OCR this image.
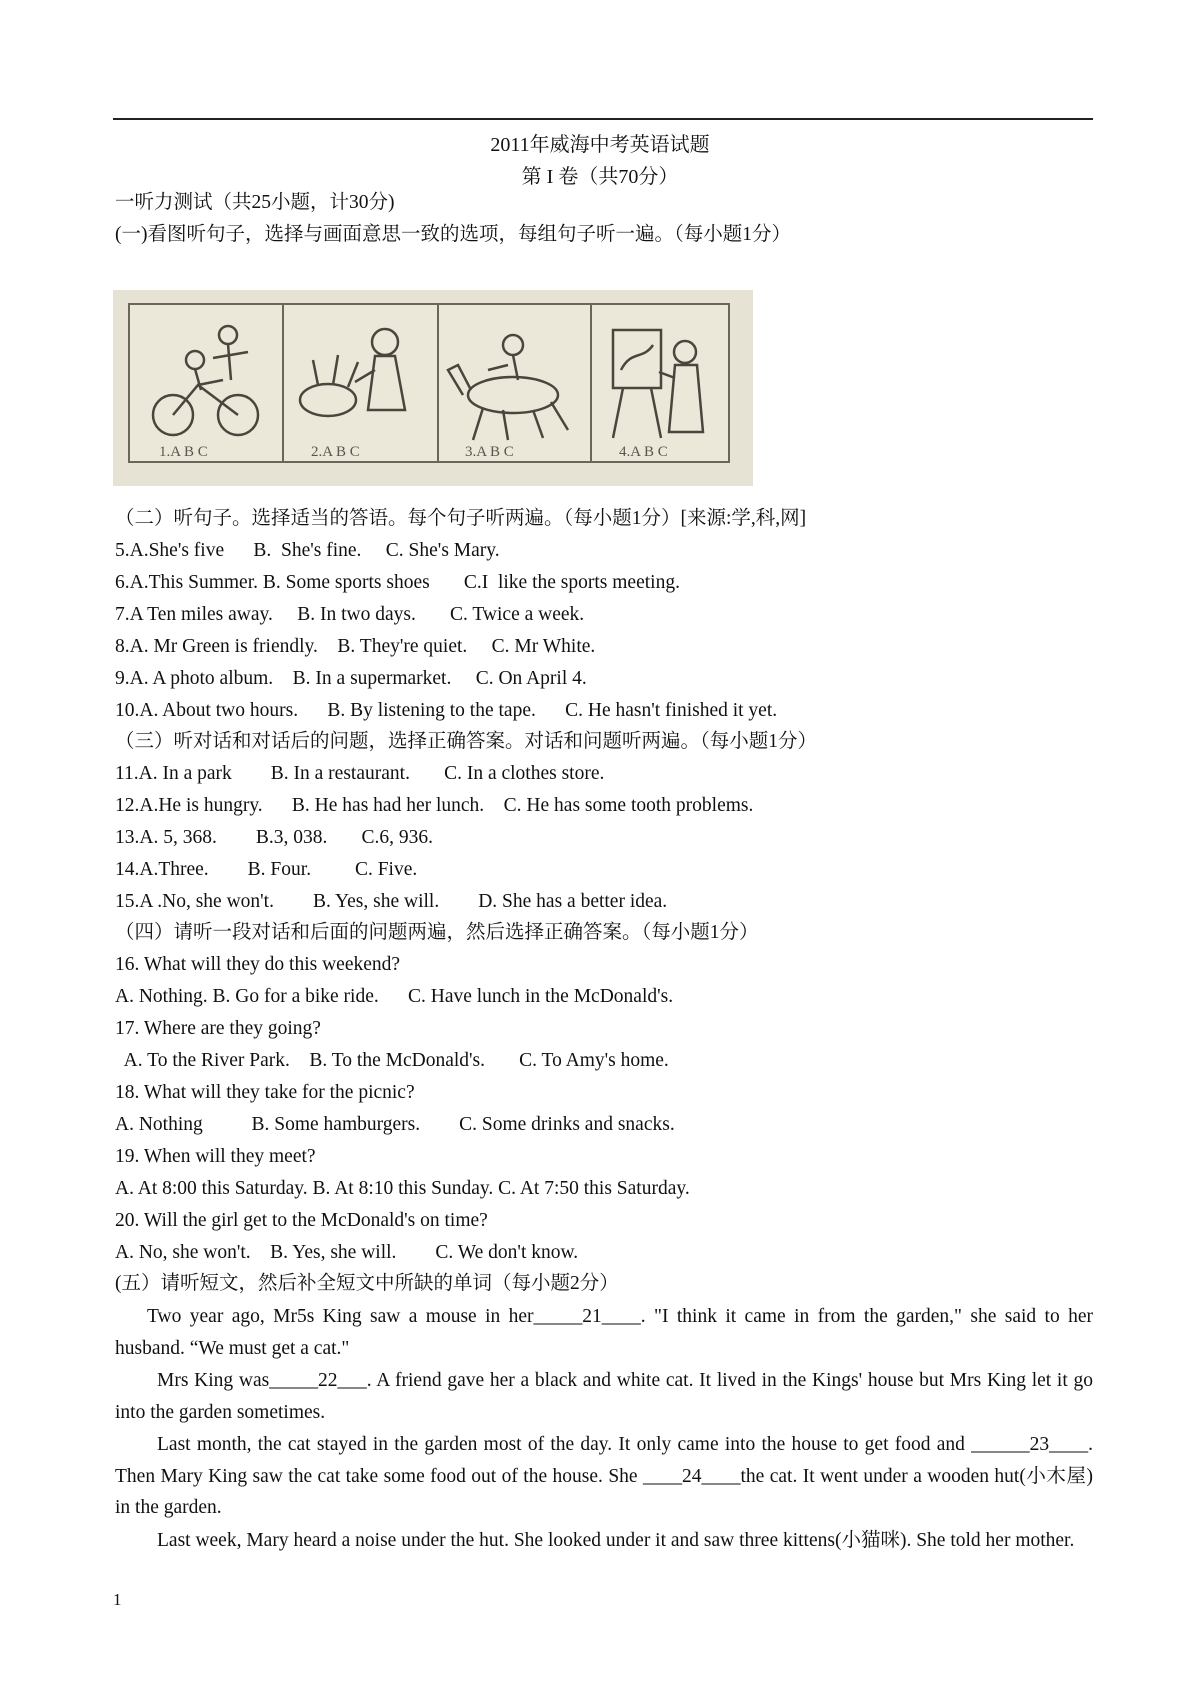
2011年威海中考英语试题
第 I 卷（共70分）
一听力测试（共25小题，计30分)
(一)看图听句子，选择与画面意思一致的选项，每组句子听一遍。（每小题1分）
1.A B C	2.A B C	3.A B C	4.A B C
（二）听句子。选择适当的答语。每个句子听两遍。（每小题1分）[来源:学,科,网]
5.A.She's five      B.  She's fine.     C. She's Mary.
6.A.This Summer. B. Some sports shoes       C.I  like the sports meeting.
7.A Ten miles away.     B. In two days.       C. Twice a week.
8.A. Mr Green is friendly.    B. They're quiet.     C. Mr White.
9.A. A photo album.    B. In a supermarket.     C. On April 4.
10.A. About two hours.      B. By listening to the tape.      C. He hasn't finished it yet.
（三）听对话和对话后的问题，选择正确答案。对话和问题听两遍。（每小题1分）
11.A. In a park        B. In a restaurant.       C. In a clothes store.
12.A.He is hungry.      B. He has had her lunch.    C. He has some tooth problems.
13.A. 5, 368.        B.3, 038.       C.6, 936.
14.A.Three.        B. Four.         C. Five.
15.A .No, she won't.        B. Yes, she will.        D. She has a better idea.
（四）请听一段对话和后面的问题两遍，然后选择正确答案。（每小题1分）
16. What will they do this weekend?
A. Nothing. B. Go for a bike ride.      C. Have lunch in the McDonald's.
17. Where are they going?
A. To the River Park.    B. To the McDonald's.       C. To Amy's home.
18. What will they take for the picnic?
A. Nothing          B. Some hamburgers.        C. Some drinks and snacks.
19. When will they meet?
A. At 8:00 this Saturday. B. At 8:10 this Sunday. C. At 7:50 this Saturday.
20. Will the girl get to the McDonald's on time?
A. No, she won't.    B. Yes, she will.        C. We don't know.
(五）请听短文，然后补全短文中所缺的单词（每小题2分）
Two year ago, Mr5s King saw a mouse in her_____21____. "I think it came in from the garden," she said to her husband. “We must get a cat."
Mrs King was_____22___. A friend gave her a black and white cat. It lived in the Kings' house but Mrs King let it go into the garden sometimes.
Last month, the cat stayed in the garden most of the day. It only came into the house to get food and ______23____. Then Mary King saw the cat take some food out of the house. She ____24____the cat. It went under a wooden hut(小木屋) in the garden.
Last week, Mary heard a noise under the hut. She looked under it and saw three kittens(小猫咪). She told her mother.
1
